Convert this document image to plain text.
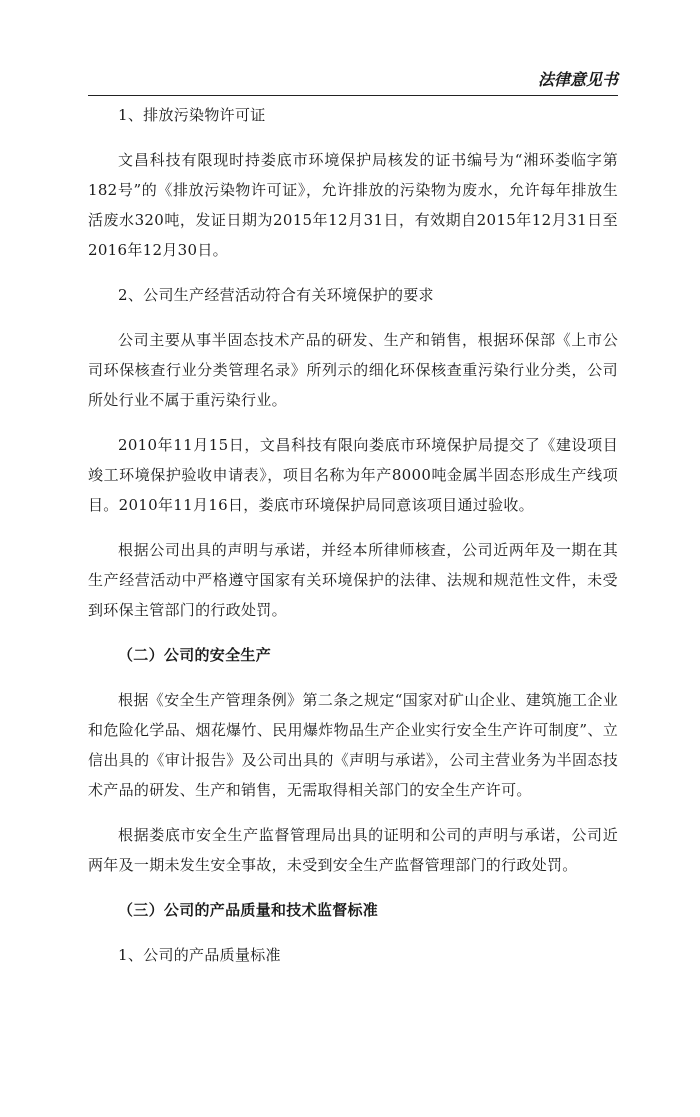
法律意见书

1、排放污染物许可证

文昌科技有限现时持娄底市环境保护局核发的证书编号为“湘环娄临字第182号”的《排放污染物许可证》，允许排放的污染物为废水，允许每年排放生活废水320吨，发证日期为2015年12月31日，有效期自2015年12月31日至2016年12月30日。

2、公司生产经营活动符合有关环境保护的要求

公司主要从事半固态技术产品的研发、生产和销售，根据环保部《上市公司环保核查行业分类管理名录》所列示的细化环保核查重污染行业分类，公司所处行业不属于重污染行业。

2010年11月15日，文昌科技有限向娄底市环境保护局提交了《建设项目竣工环境保护验收申请表》，项目名称为年产8000吨金属半固态形成生产线项目。2010年11月16日，娄底市环境保护局同意该项目通过验收。

根据公司出具的声明与承诺，并经本所律师核查，公司近两年及一期在其生产经营活动中严格遵守国家有关环境保护的法律、法规和规范性文件，未受到环保主管部门的行政处罚。

（二）公司的安全生产

根据《安全生产管理条例》第二条之规定“国家对矿山企业、建筑施工企业和危险化学品、烟花爆竹、民用爆炸物品生产企业实行安全生产许可制度”、立信出具的《审计报告》及公司出具的《声明与承诺》，公司主营业务为半固态技术产品的研发、生产和销售，无需取得相关部门的安全生产许可。

根据娄底市安全生产监督管理局出具的证明和公司的声明与承诺，公司近两年及一期未发生安全事故，未受到安全生产监督管理部门的行政处罚。

（三）公司的产品质量和技术监督标准

1、公司的产品质量标准
